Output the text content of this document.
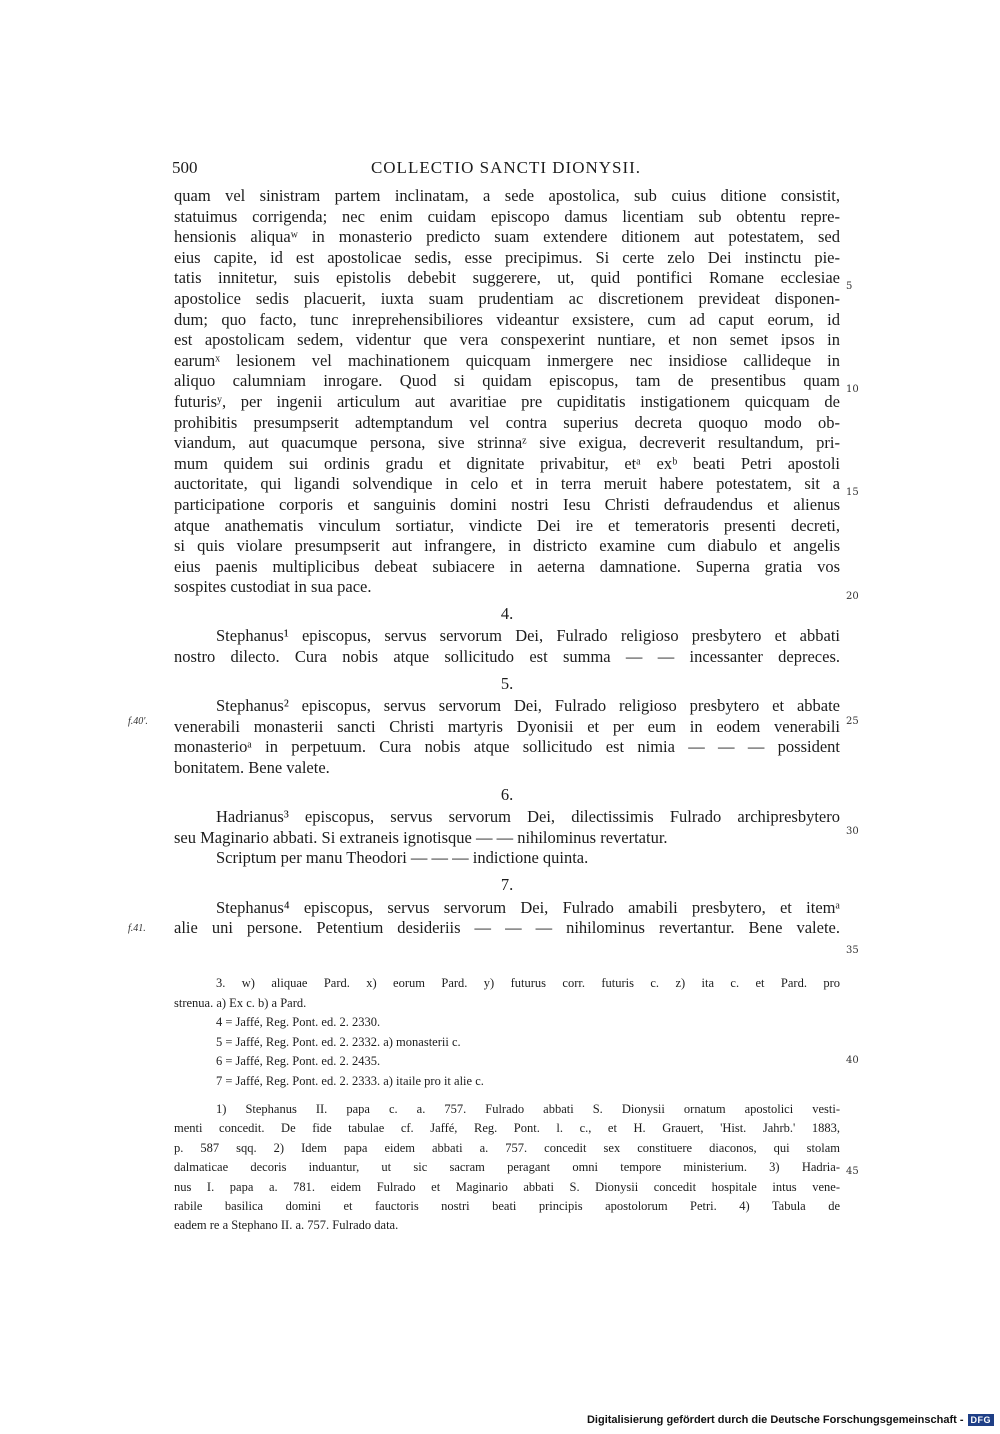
500	COLLECTIO SANCTI DIONYSII.
quam vel sinistram partem inclinatam, a sede apostolica, sub cuius ditione consistit,
statuimus corrigenda; nec enim cuidam episcopo damus licentiam sub obtentu repre-
hensionis aliquaʷ in monasterio predicto suam extendere ditionem aut potestatem, sed
eius capite, id est apostolicae sedis, esse precipimus. Si certe zelo Dei instinctu pie-
tatis innitetur, suis epistolis debebit suggerere, ut, quid pontifici Romane ecclesiae
apostolice sedis placuerit, iuxta suam prudentiam ac discretionem prevideat disponen-
dum; quo facto, tunc inreprehensibiliores videantur exsistere, cum ad caput eorum, id
est apostolicam sedem, videntur que vera conspexerint nuntiare, et non semet ipsos in
earumˣ lesionem vel machinationem quicquam inmergere nec insidiose callideque in
aliquo calumniam inrogare. Quod si quidam episcopus, tam de presentibus quam
futurisʸ, per ingenii articulum aut avaritiae pre cupiditatis instigationem quicquam de
prohibitis presumpserit adtemptandum vel contra superius decreta quoquo modo ob-
viandum, aut quacumque persona, sive strinnaᶻ sive exigua, decreverit resultandum, pri-
mum quidem sui ordinis gradu et dignitate privabitur, etᵃ exᵇ beati Petri apostoli
auctoritate, qui ligandi solvendique in celo et in terra meruit habere potestatem, sit a
participatione corporis et sanguinis domini nostri Iesu Christi defraudendus et alienus
atque anathematis vinculum sortiatur, vindicte Dei ire et temeratoris presenti decreti,
si quis violare presumpserit aut infrangere, in districto examine cum diabulo et angelis
eius paenis multiplicibus debeat subiacere in aeterna damnatione. Superna gratia vos
sospites custodiat in sua pace.
4.
Stephanus¹ episcopus, servus servorum Dei, Fulrado religioso presbytero et abbati
nostro dilecto. Cura nobis atque sollicitudo est summa — — incessanter depreces.
5.
Stephanus² episcopus, servus servorum Dei, Fulrado religioso presbytero et abbate
venerabili monasterii sancti Christi martyris Dyonisii et per eum in eodem venerabili
monasterioᵃ in perpetuum. Cura nobis atque sollicitudo est nimia — — — possident
bonitatem. Bene valete.
6.
Hadrianus³ episcopus, servus servorum Dei, dilectissimis Fulrado archipresbytero
seu Maginario abbati. Si extraneis ignotisque — — nihilominus revertatur.
Scriptum per manu Theodori — — — indictione quinta.
7.
Stephanus⁴ episcopus, servus servorum Dei, Fulrado amabili presbytero, et itemᵃ
alie uni persone. Petentium desideriis — — — nihilominus revertantur. Bene valete.
5
10
15
20
25
30
35
40
45
f.40'.
f.41.
3. w) aliquae Pard. x) eorum Pard. y) futurus corr. futuris c. z) ita c. et Pard. pro
strenua. a) Ex c. b) a Pard.
4 = Jaffé, Reg. Pont. ed. 2. 2330.
5 = Jaffé, Reg. Pont. ed. 2. 2332. a) monasterii c.
6 = Jaffé, Reg. Pont. ed. 2. 2435.
7 = Jaffé, Reg. Pont. ed. 2. 2333. a) itaile pro it alie c.
1) Stephanus II. papa c. a. 757. Fulrado abbati S. Dionysii ornatum apostolici vesti-
menti concedit. De fide tabulae cf. Jaffé, Reg. Pont. l. c., et H. Grauert, 'Hist. Jahrb.' 1883,
p. 587 sqq. 2) Idem papa eidem abbati a. 757. concedit sex constituere diaconos, qui stolam
dalmaticae decoris induantur, ut sic sacram peragant omni tempore ministerium. 3) Hadria-
nus I. papa a. 781. eidem Fulrado et Maginario abbati S. Dionysii concedit hospitale intus vene-
rabile basilica domini et fauctoris nostri beati principis apostolorum Petri. 4) Tabula de
eadem re a Stephano II. a. 757. Fulrado data.
Digitalisierung gefördert durch die Deutsche Forschungsgemeinschaft - DFG
